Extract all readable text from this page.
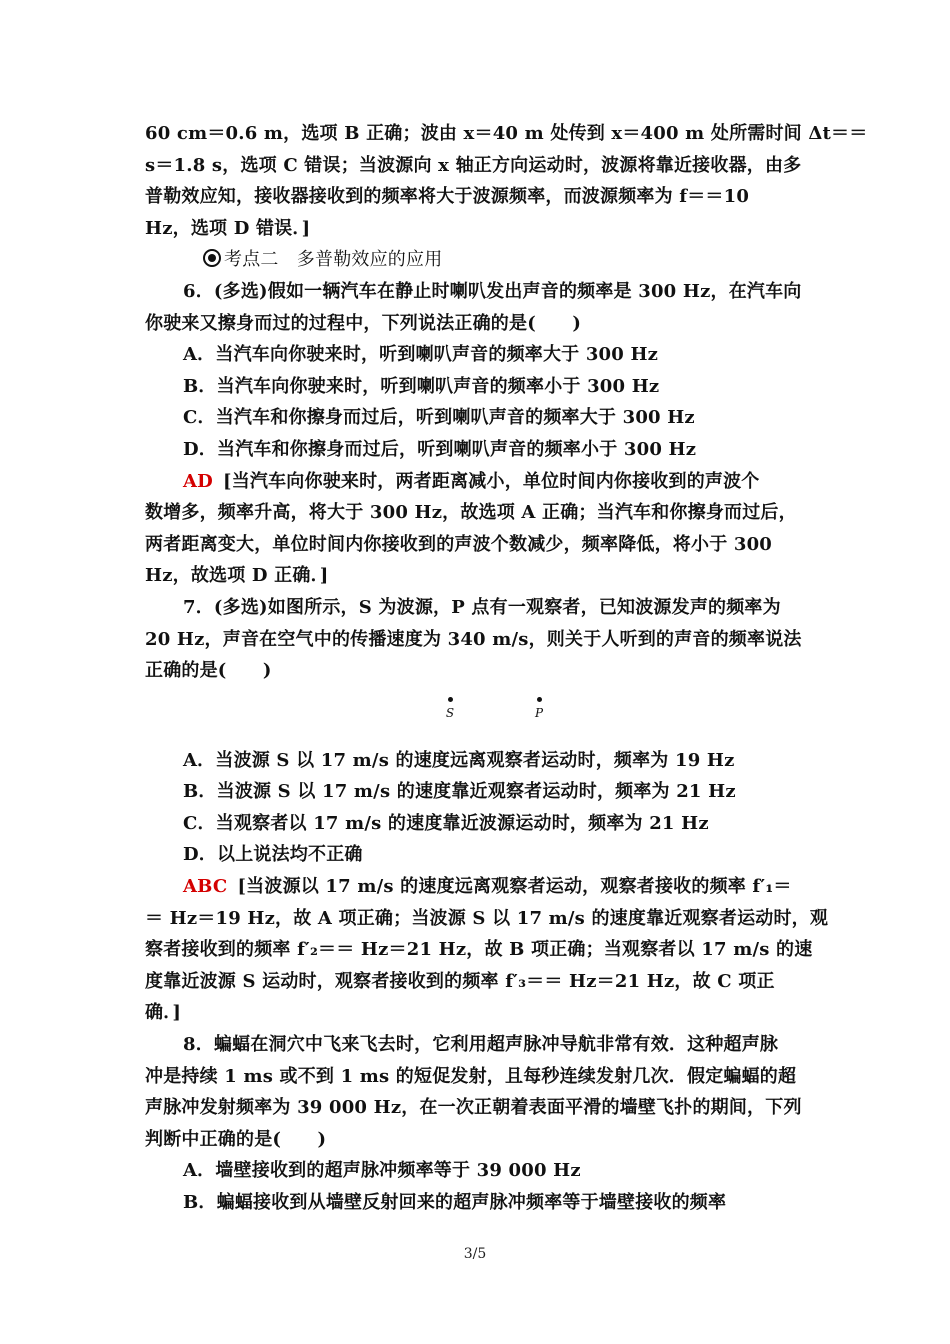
60 cm＝0.6 m，选项 B 正确；波由 x＝40 m 处传到 x＝400 m 处所需时间 Δt＝＝
s＝1.8 s，选项 C 错误；当波源向 x 轴正方向运动时，波源将靠近接收器，由多
普勒效应知，接收器接收到的频率将大于波源频率，而波源频率为 f＝＝10
Hz，选项 D 错误．]
考点二　多普勒效应的应用
6．(多选)假如一辆汽车在静止时喇叭发出声音的频率是 300 Hz，在汽车向
你驶来又擦身而过的过程中，下列说法正确的是(　　)
A．当汽车向你驶来时，听到喇叭声音的频率大于 300 Hz
B．当汽车向你驶来时，听到喇叭声音的频率小于 300 Hz
C．当汽车和你擦身而过后，听到喇叭声音的频率大于 300 Hz
D．当汽车和你擦身而过后，听到喇叭声音的频率小于 300 Hz
AD [当汽车向你驶来时，两者距离减小，单位时间内你接收到的声波个
数增多，频率升高，将大于 300 Hz，故选项 A 正确；当汽车和你擦身而过后，
两者距离变大，单位时间内你接收到的声波个数减少，频率降低，将小于 300
Hz，故选项 D 正确．]
7．(多选)如图所示，S 为波源，P 点有一观察者，已知波源发声的频率为
20 Hz，声音在空气中的传播速度为 340 m/s，则关于人听到的声音的频率说法
正确的是(　　)
S	P
A．当波源 S 以 17 m/s 的速度远离观察者运动时，频率为 19 Hz
B．当波源 S 以 17 m/s 的速度靠近观察者运动时，频率为 21 Hz
C．当观察者以 17 m/s 的速度靠近波源运动时，频率为 21 Hz
D．以上说法均不正确
ABC [当波源以 17 m/s 的速度远离观察者运动，观察者接收的频率 f′₁＝
＝ Hz＝19 Hz，故 A 项正确；当波源 S 以 17 m/s 的速度靠近观察者运动时，观
察者接收到的频率 f′₂＝＝ Hz＝21 Hz，故 B 项正确；当观察者以 17 m/s 的速
度靠近波源 S 运动时，观察者接收到的频率 f′₃＝＝ Hz＝21 Hz，故 C 项正
确．]
8．蝙蝠在洞穴中飞来飞去时，它利用超声脉冲导航非常有效．这种超声脉
冲是持续 1 ms 或不到 1 ms 的短促发射，且每秒连续发射几次．假定蝙蝠的超
声脉冲发射频率为 39 000 Hz，在一次正朝着表面平滑的墙壁飞扑的期间，下列
判断中正确的是(　　)
A．墙壁接收到的超声脉冲频率等于 39 000 Hz
B．蝙蝠接收到从墙壁反射回来的超声脉冲频率等于墙壁接收的频率
3/5
